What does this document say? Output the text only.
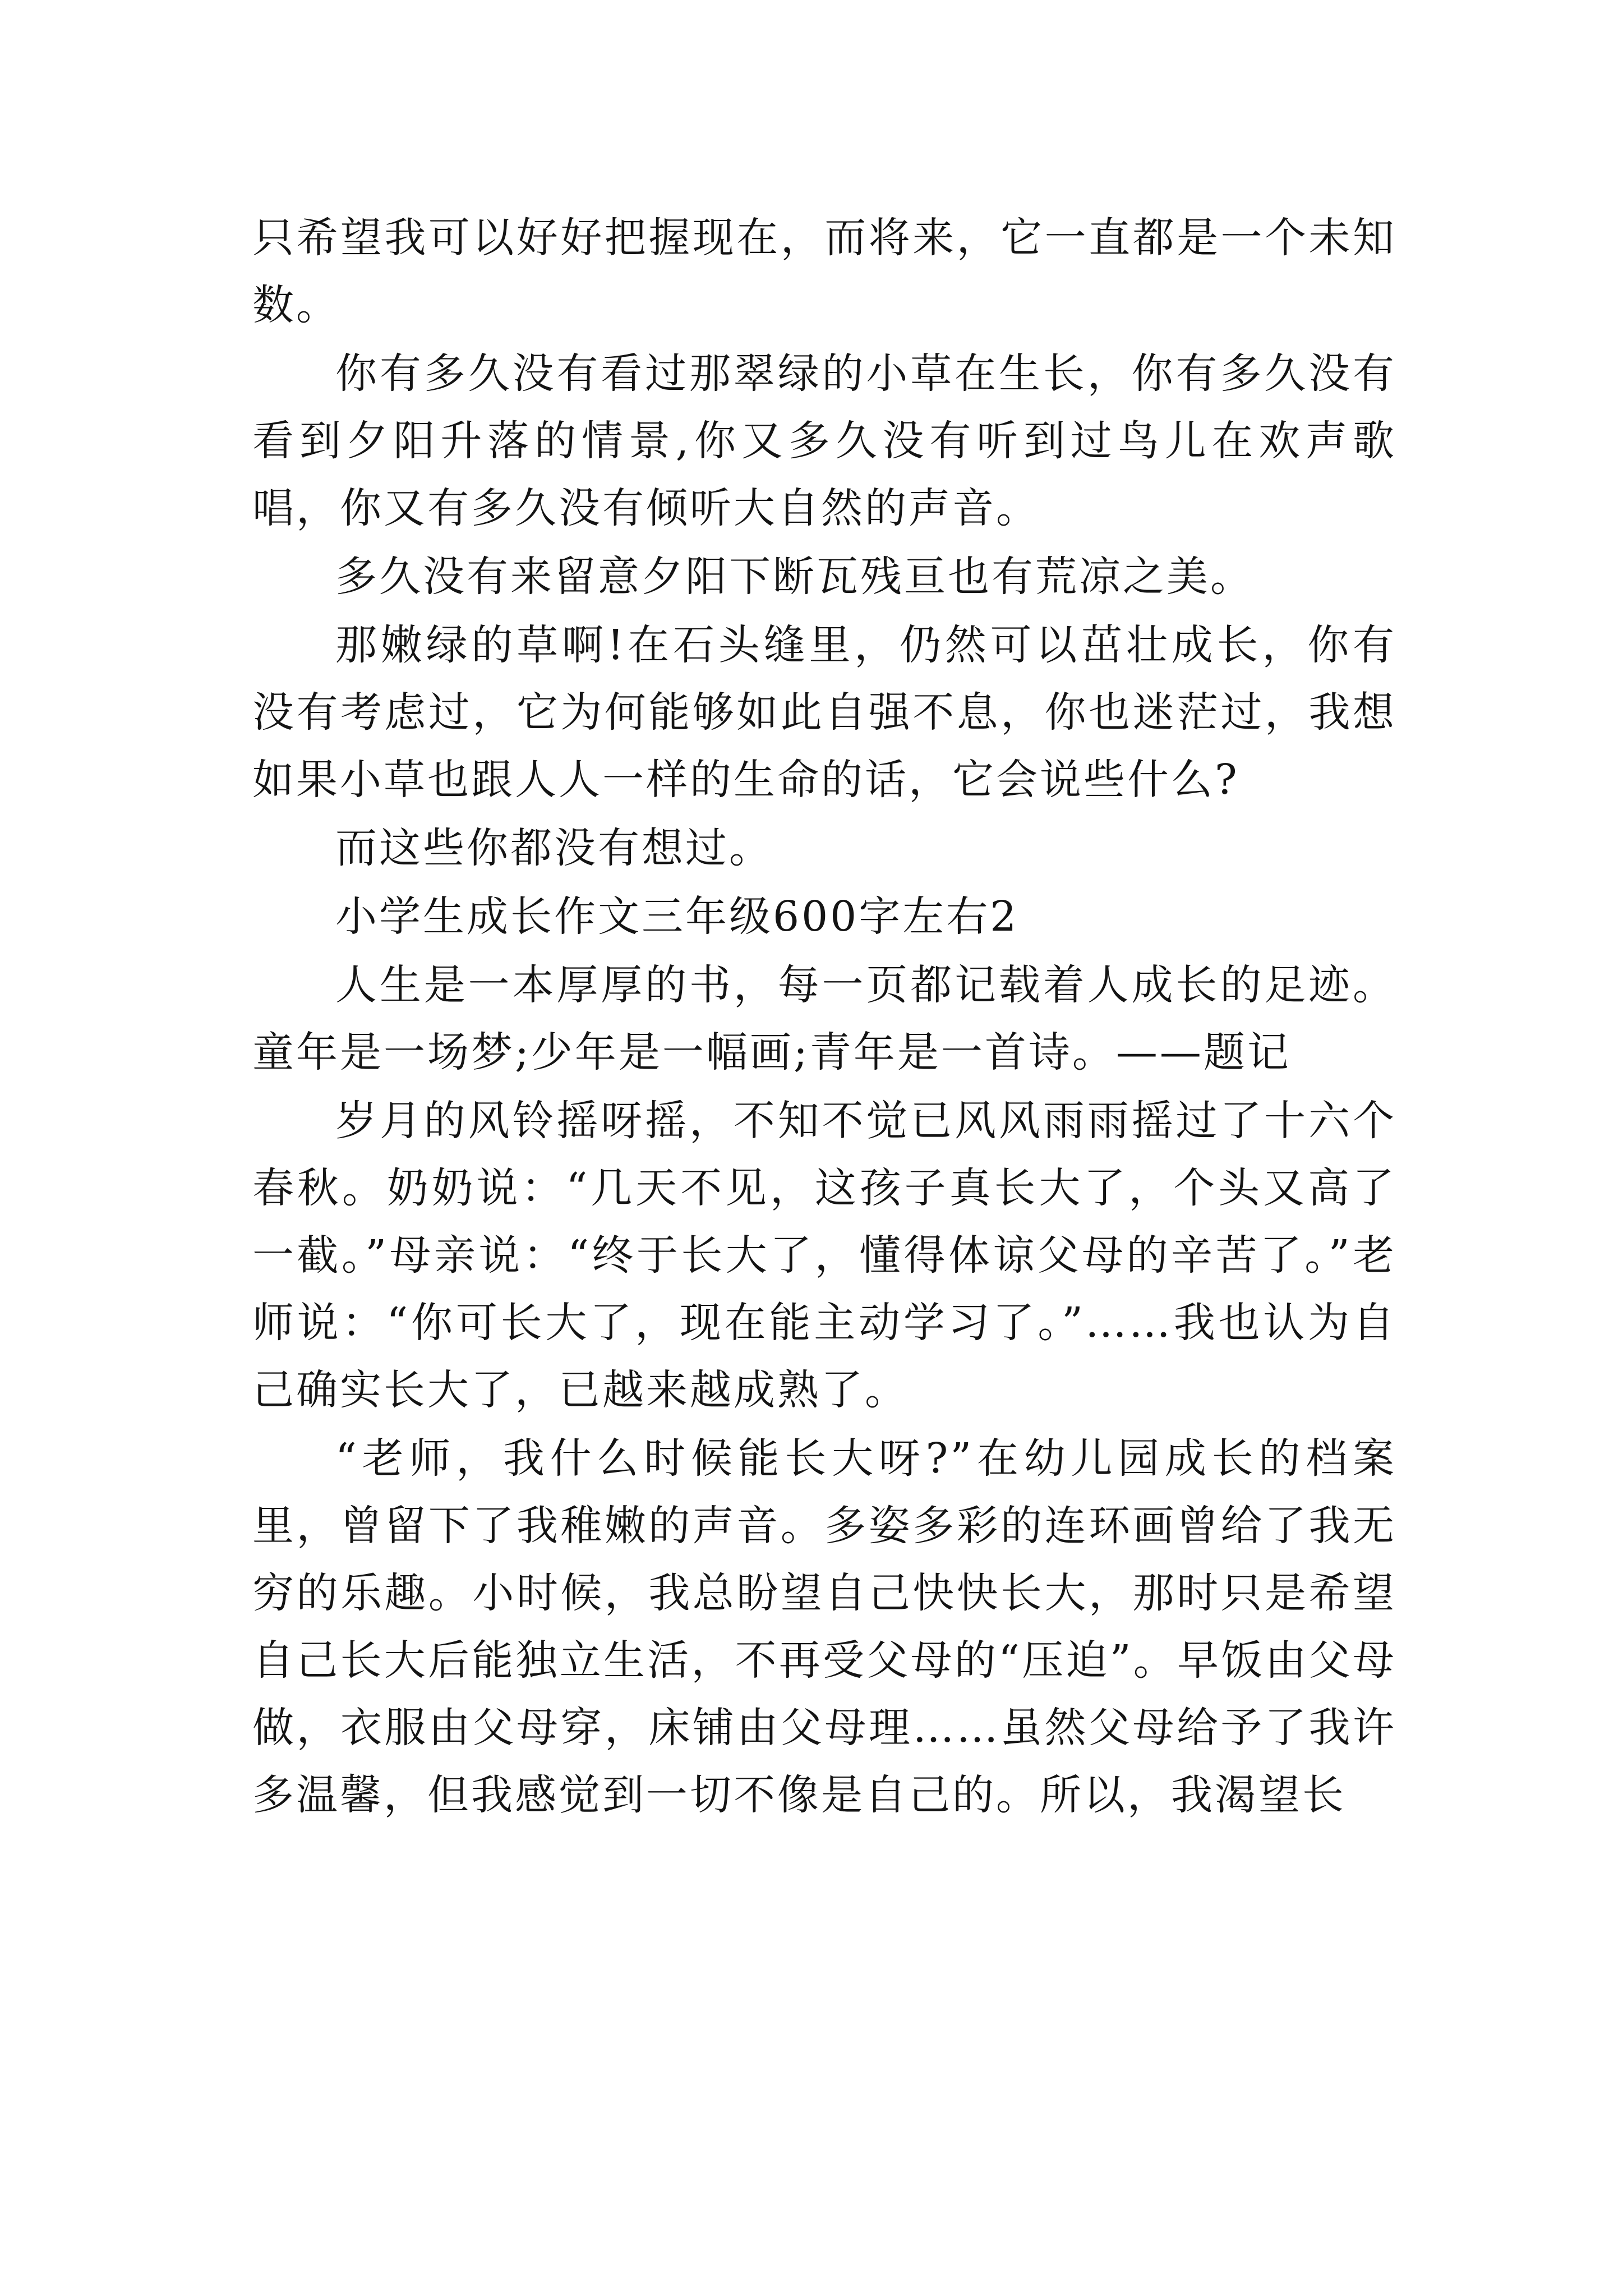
只希望我可以好好把握现在，而将来，它一直都是一个未知数。

你有多久没有看过那翠绿的小草在生长，你有多久没有看到夕阳升落的情景,你又多久没有听到过鸟儿在欢声歌唱，你又有多久没有倾听大自然的声音。

多久没有来留意夕阳下断瓦残亘也有荒凉之美。

那嫩绿的草啊!在石头缝里，仍然可以茁壮成长，你有没有考虑过，它为何能够如此自强不息，你也迷茫过，我想如果小草也跟人人一样的生命的话，它会说些什么?

而这些你都没有想过。

小学生成长作文三年级600字左右2

人生是一本厚厚的书，每一页都记载着人成长的足迹。童年是一场梦;少年是一幅画;青年是一首诗。——题记

岁月的风铃摇呀摇，不知不觉已风风雨雨摇过了十六个春秋。奶奶说：“几天不见，这孩子真长大了，个头又高了一截。”母亲说：“终于长大了，懂得体谅父母的辛苦了。”老师说：“你可长大了，现在能主动学习了。”……我也认为自己确实长大了，已越来越成熟了。

“老师，我什么时候能长大呀?”在幼儿园成长的档案里，曾留下了我稚嫩的声音。多姿多彩的连环画曾给了我无穷的乐趣。小时候，我总盼望自己快快长大，那时只是希望自己长大后能独立生活，不再受父母的“压迫”。早饭由父母做，衣服由父母穿，床铺由父母理……虽然父母给予了我许多温馨，但我感觉到一切不像是自己的。所以，我渴望长
